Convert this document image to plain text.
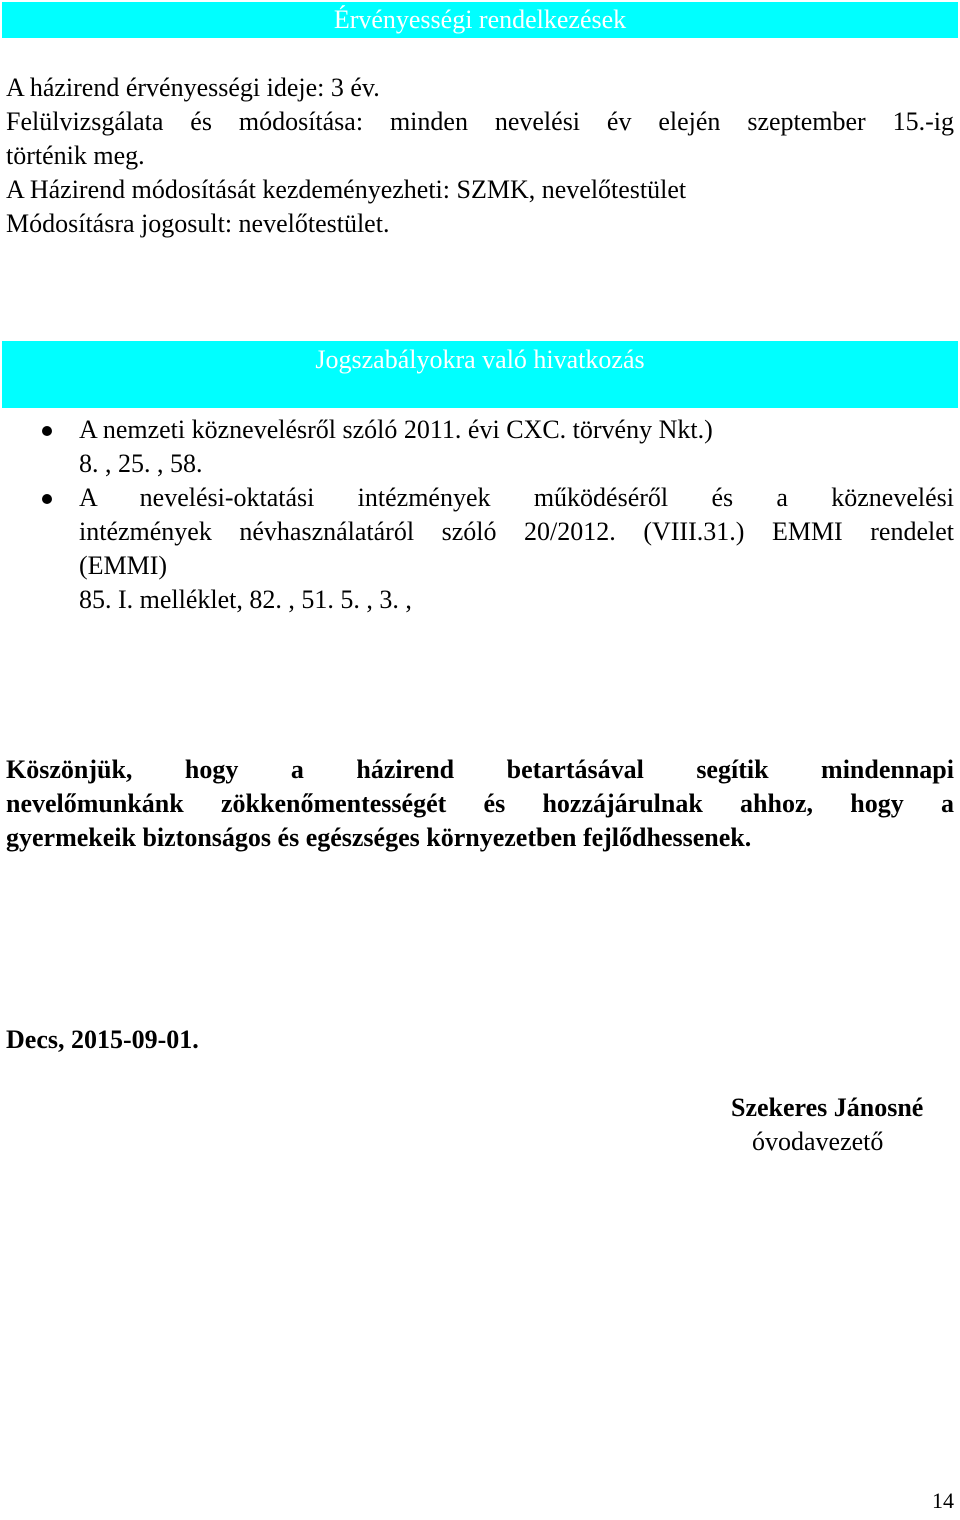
Érvényességi rendelkezések
A házirend érvényességi ideje: 3 év.
Felülvizsgálata és módosítása: minden nevelési év elején szeptember 15.-ig
történik meg.
A Házirend módosítását kezdeményezheti: SZMK, nevelőtestület
Módosításra jogosult: nevelőtestület.
Jogszabályokra való hivatkozás
A nemzeti köznevelésről szóló 2011. évi CXC. törvény Nkt.)
8. , 25. , 58.
A nevelési-oktatási intézmények működéséről és a köznevelési
intézmények névhasználatáról szóló 20/2012. (VIII.31.) EMMI rendelet
(EMMI)
85. I. melléklet, 82. , 51. 5. , 3. ,
Köszönjük, hogy a házirend betartásával segítik mindennapi
nevelőmunkánk zökkenőmentességét és hozzájárulnak ahhoz, hogy a
gyermekeik biztonságos és egészséges környezetben fejlődhessenek.
Decs, 2015-09-01.
Szekeres Jánosné
óvodavezető
14
